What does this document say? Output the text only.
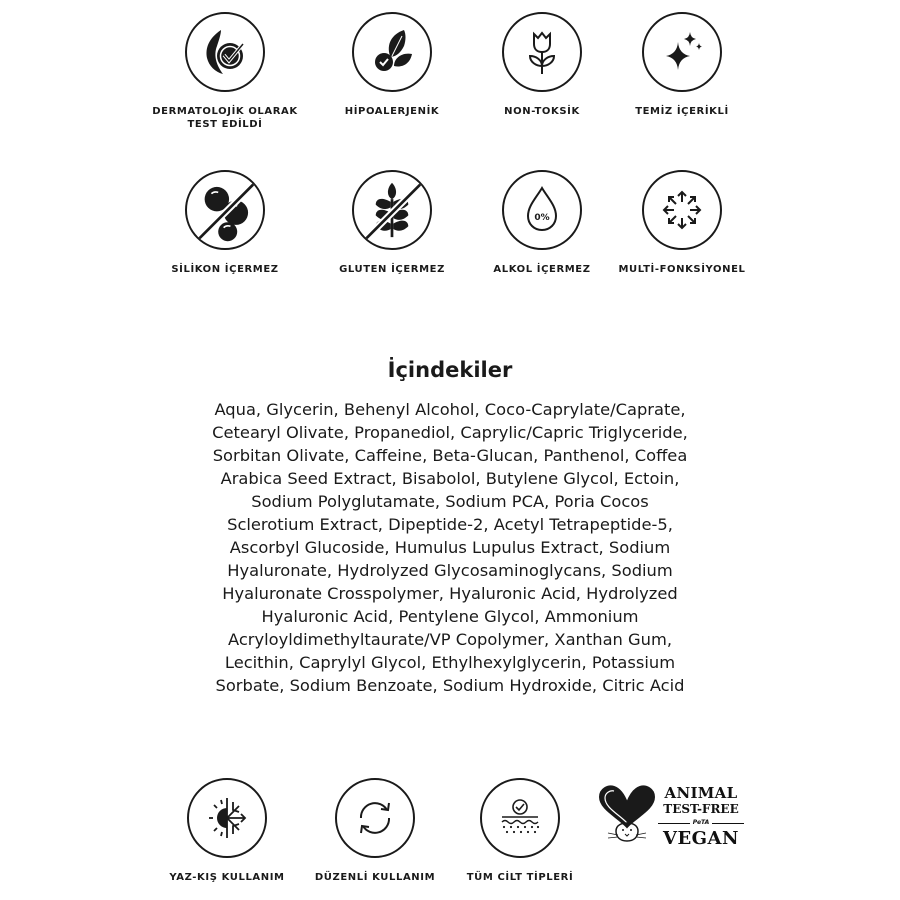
DERMATOLOJİK OLARAK
TEST EDİLDİ
HİPOALERJENİK	NON-TOKSİK	TEMİZ İÇERİKLİ
SİLİKON İÇERMEZ	GLUTEN İÇERMEZ
0%
ALKOL İÇERMEZ	MULTİ-FONKSİYONEL
İçindekiler
Aqua, Glycerin, Behenyl Alcohol, Coco-Caprylate/Caprate,
Cetearyl Olivate, Propanediol, Caprylic/Capric Triglyceride,
Sorbitan Olivate, Caffeine, Beta-Glucan, Panthenol, Coffea
Arabica Seed Extract, Bisabolol, Butylene Glycol, Ectoin,
Sodium Polyglutamate, Sodium PCA, Poria Cocos
Sclerotium Extract, Dipeptide-2, Acetyl Tetrapeptide-5,
Ascorbyl Glucoside, Humulus Lupulus Extract, Sodium
Hyaluronate, Hydrolyzed Glycosaminoglycans, Sodium
Hyaluronate Crosspolymer, Hyaluronic Acid, Hydrolyzed
Hyaluronic Acid, Pentylene Glycol, Ammonium
Acryloyldimethyltaurate/VP Copolymer, Xanthan Gum,
Lecithin, Caprylyl Glycol, Ethylhexylglycerin, Potassium
Sorbate, Sodium Benzoate, Sodium Hydroxide, Citric Acid
YAZ-KIŞ KULLANIM	DÜZENLİ KULLANIM	TÜM CİLT TİPLERİ
ANIMAL
TEST-FREE
PeTA
VEGAN
